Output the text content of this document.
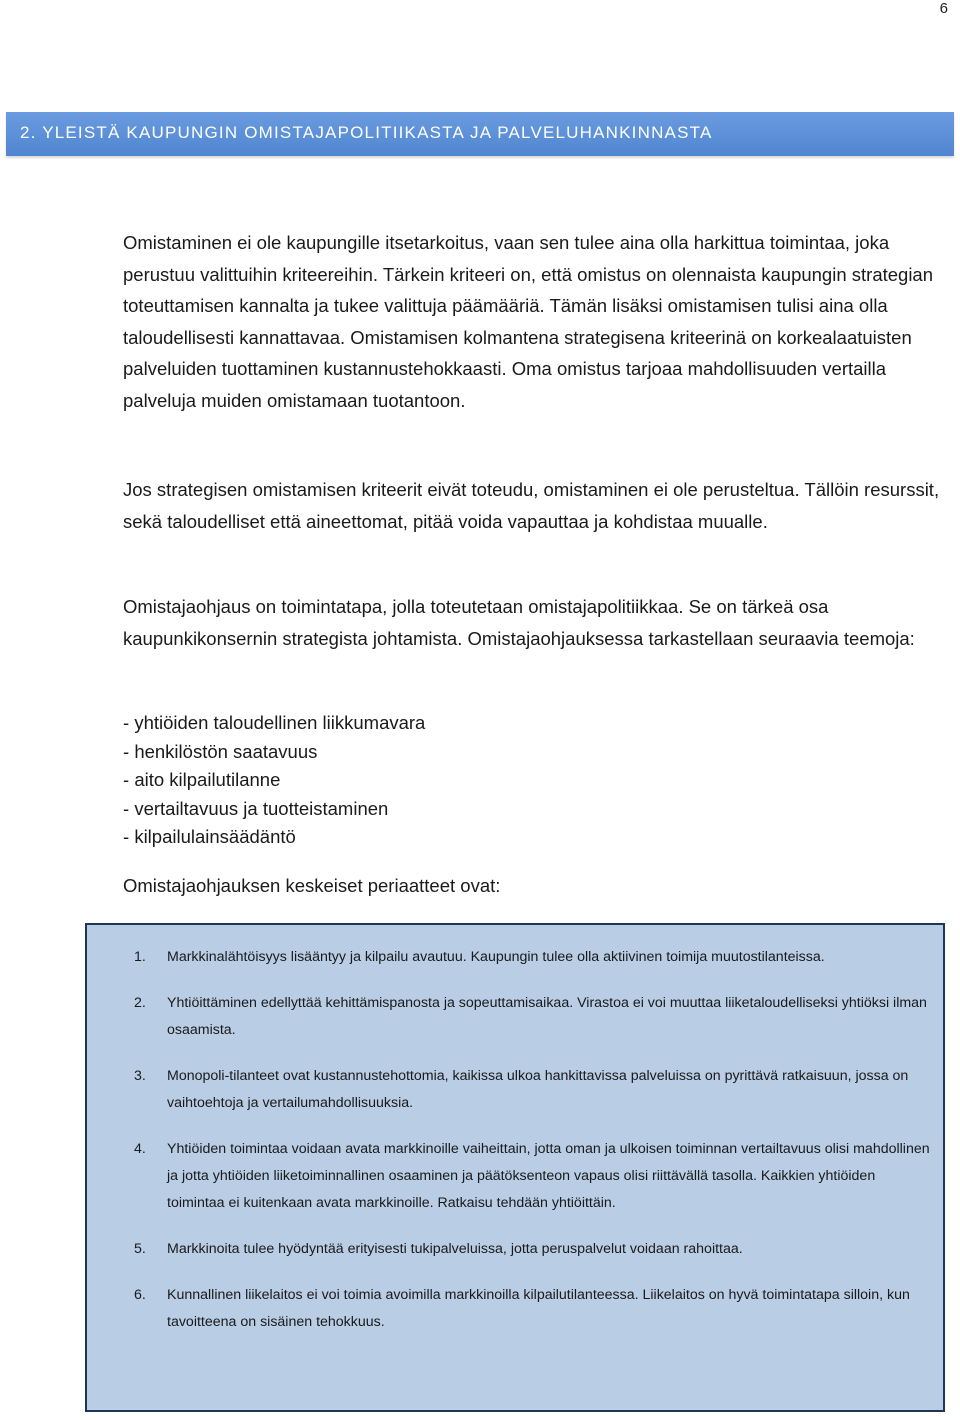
6
2. YLEISTÄ KAUPUNGIN OMISTAJAPOLITIIKASTA JA PALVELUHANKINNASTA

Omistaminen ei ole kaupungille itsetarkoitus, vaan sen tulee aina olla harkittua toimintaa, joka perustuu valittuihin kriteereihin. Tärkein kriteeri on, että omistus on olennaista kaupungin strategian toteuttamisen kannalta ja tukee valittuja päämääriä. Tämän lisäksi omistamisen tulisi aina olla taloudellisesti kannattavaa. Omistamisen kolmantena strategisena kriteerinä on korkealaatuisten palveluiden tuottaminen kustannustehokkaasti. Oma omistus tarjoaa mahdollisuuden vertailla palveluja muiden omistamaan tuotantoon.

Jos strategisen omistamisen kriteerit eivät toteudu, omistaminen ei ole perusteltua. Tällöin resurssit, sekä taloudelliset että aineettomat, pitää voida vapauttaa ja kohdistaa muualle.

Omistajaohjaus on toimintatapa, jolla toteutetaan omistajapolitiikkaa. Se on tärkeä osa kaupunkikonsernin strategista johtamista. Omistajaohjauksessa tarkastellaan seuraavia teemoja:

- yhtiöiden taloudellinen liikkumavara
- henkilöstön saatavuus
- aito kilpailutilanne
- vertailtavuus ja tuotteistaminen
- kilpailulainsäädäntö
Omistajaohjauksen keskeiset periaatteet ovat:
1. Markkinalähtöisyys lisääntyy ja kilpailu avautuu. Kaupungin tulee olla aktiivinen toimija muutostilanteissa.
2. Yhtiöittäminen edellyttää kehittämispanosta ja sopeuttamisaikaa. Virastoa ei voi muuttaa liiketaloudelliseksi yhtiöksi ilman osaamista.
3. Monopoli-tilanteet ovat kustannustehottomia, kaikissa ulkoa hankittavissa palveluissa on pyrittävä ratkaisuun, jossa on vaihtoehtoja ja vertailumahdollisuuksia.
4. Yhtiöiden toimintaa voidaan avata markkinoille vaiheittain, jotta oman ja ulkoisen toiminnan vertailtavuus olisi mahdollinen ja jotta yhtiöiden liiketoiminnallinen osaaminen ja päätöksenteon vapaus olisi riittävällä tasolla. Kaikkien yhtiöiden toimintaa ei kuitenkaan avata markkinoille. Ratkaisu tehdään yhtiöittäin.
5. Markkinoita tulee hyödyntää erityisesti tukipalveluissa, jotta peruspalvelut voidaan rahoittaa.
6. Kunnallinen liikelaitos ei voi toimia avoimilla markkinoilla kilpailutilanteessa. Liikelaitos on hyvä toimintatapa silloin, kun tavoitteena on sisäinen tehokkuus.
